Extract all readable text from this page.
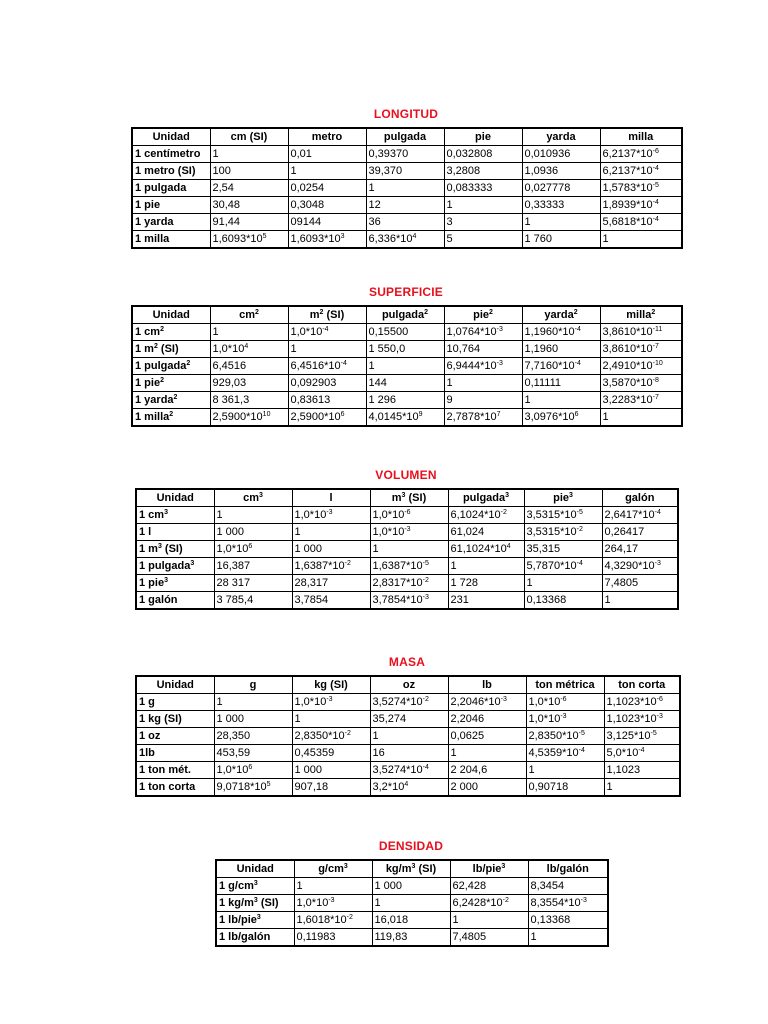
LONGITUD
Unidad	cm (SI)	metro	pulgada	pie	yarda	milla
1 centímetro	1	0,01	0,39370	0,032808	0,010936	$6,2137*10^{-6}$
1 metro (SI)	100	1	39,370	3,2808	1,0936	$6,2137*10^{-4}$
1 pulgada	2,54	0,0254	1	0,083333	0,027778	$1,5783*10^{-5}$
1 pie	30,48	0,3048	12	1	0,33333	$1,8939*10^{-4}$
1 yarda	91,44	09144	36	3	1	$5,6818*10^{-4}$
1 milla	$1,6093*10^5$	$1,6093*10^3$	$6,336*10^4$	5	1 760	1
SUPERFICIE
Unidad	$cm^2$	$m^2$ (SI)	pulgada$^2$	pie$^2$	yarda$^2$	milla$^2$
1 $cm^2$	1	$1,0*10^{-4}$	0,15500	$1,0764*10^{-3}$	$1,1960*10^{-4}$	$3,8610*10^{-11}$
1 $m^2$ (SI)	$1,0*10^4$	1	1 550,0	10,764	1,1960	$3,8610*10^{-7}$
1 pulgada$^2$	6,4516	$6,4516*10^{-4}$	1	$6,9444*10^{-3}$	$7,7160*10^{-4}$	$2,4910*10^{-10}$
1 pie$^2$	929,03	0,092903	144	1	0,11111	$3,5870*10^{-8}$
1 yarda$^2$	8 361,3	0,83613	1 296	9	1	$3,2283*10^{-7}$
1 milla$^2$	$2,5900*10^{10}$	$2,5900*10^6$	$4,0145*10^9$	$2,7878*10^7$	$3,0976*10^6$	1
VOLUMEN
Unidad	$cm^3$	l	$m^3$ (SI)	pulgada$^3$	pie$^3$	galón
1 $cm^3$	1	$1,0*10^{-3}$	$1,0*10^{-6}$	$6,1024*10^{-2}$	$3,5315*10^{-5}$	$2,6417*10^{-4}$
1 l	1 000	1	$1,0*10^{-3}$	61,024	$3,5315*10^{-2}$	0,26417
1 $m^3$ (SI)	$1,0*10^6$	1 000	1	$61,1024*10^4$	35,315	264,17
1 pulgada$^3$	16,387	$1,6387*10^{-2}$	$1,6387*10^{-5}$	1	$5,7870*10^{-4}$	$4,3290*10^{-3}$
1 pie$^3$	28 317	28,317	$2,8317*10^{-2}$	1 728	1	7,4805
1 galón	3 785,4	3,7854	$3,7854*10^{-3}$	231	0,13368	1
MASA
Unidad	g	kg (SI)	oz	lb	ton métrica	ton corta
1 g	1	$1,0*10^{-3}$	$3,5274*10^{-2}$	$2,2046*10^{-3}$	$1,0*10^{-6}$	$1,1023*10^{-6}$
1 kg (SI)	1 000	1	35,274	2,2046	$1,0*10^{-3}$	$1,1023*10^{-3}$
1 oz	28,350	$2,8350*10^{-2}$	1	0,0625	$2,8350*10^{-5}$	$3,125*10^{-5}$
1lb	453,59	0,45359	16	1	$4,5359*10^{-4}$	$5,0*10^{-4}$
1 ton mét.	$1,0*10^6$	1 000	$3,5274*10^{-4}$	2 204,6	1	1,1023
1 ton corta	$9,0718*10^5$	907,18	$3,2*10^4$	2 000	0,90718	1
DENSIDAD
Unidad	$g/cm^3$	$kg/m^3$ (SI)	lb/pie$^3$	lb/galón
1 $g/cm^3$	1	1 000	62,428	8,3454
1 $kg/m^3$ (SI)	$1,0*10^{-3}$	1	$6,2428*10^{-2}$	$8,3554*10^{-3}$
1 lb/pie$^3$	$1,6018*10^{-2}$	16,018	1	0,13368
1 lb/galón	0,11983	119,83	7,4805	1
